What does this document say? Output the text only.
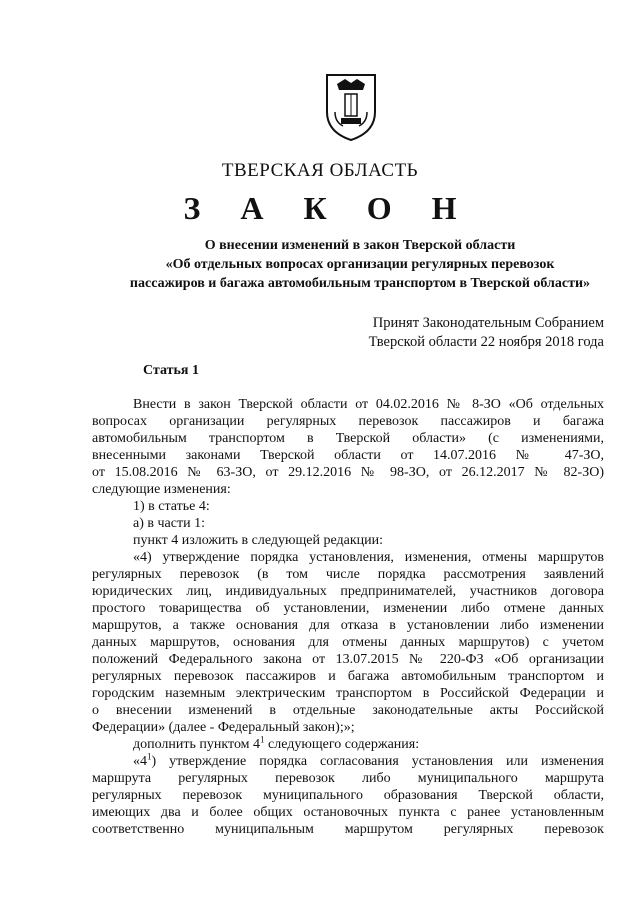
ТВЕРСКАЯ ОБЛАСТЬ
З А К О Н
О внесении изменений в закон Тверской области
«Об отдельных вопросах организации регулярных перевозок
пассажиров и багажа автомобильным транспортом в Тверской области»
Принят Законодательным Собранием
Тверской области 22 ноября 2018 года
Статья 1
Внести в закон Тверской области от 04.02.2016 № 8-ЗО «Об отдельных
вопросах организации регулярных перевозок пассажиров и багажа
автомобильным транспортом в Тверской области» (с изменениями,
внесенными законами Тверской области от 14.07.2016 № 47-ЗО,
от 15.08.2016 № 63-ЗО, от 29.12.2016 № 98-ЗО, от 26.12.2017 № 82-ЗО)
следующие изменения:
1) в статье 4:
а) в части 1:
пункт 4 изложить в следующей редакции:
«4) утверждение порядка установления, изменения, отмены маршрутов
регулярных перевозок (в том числе порядка рассмотрения заявлений
юридических лиц, индивидуальных предпринимателей, участников договора
простого товарищества об установлении, изменении либо отмене данных
маршрутов, а также основания для отказа в установлении либо изменении
данных маршрутов, основания для отмены данных маршрутов) с учетом
положений Федерального закона от 13.07.2015 № 220-ФЗ «Об организации
регулярных перевозок пассажиров и багажа автомобильным транспортом и
городским наземным электрическим транспортом в Российской Федерации и
о внесении изменений в отдельные законодательные акты Российской
Федерации» (далее - Федеральный закон);»;
дополнить пунктом $4^1$ следующего содержания:
«$4^1$) утверждение порядка согласования установления или изменения
маршрута регулярных перевозок либо муниципального маршрута
регулярных перевозок муниципального образования Тверской области,
имеющих два и более общих остановочных пункта с ранее установленным
соответственно муниципальным маршрутом регулярных перевозок
